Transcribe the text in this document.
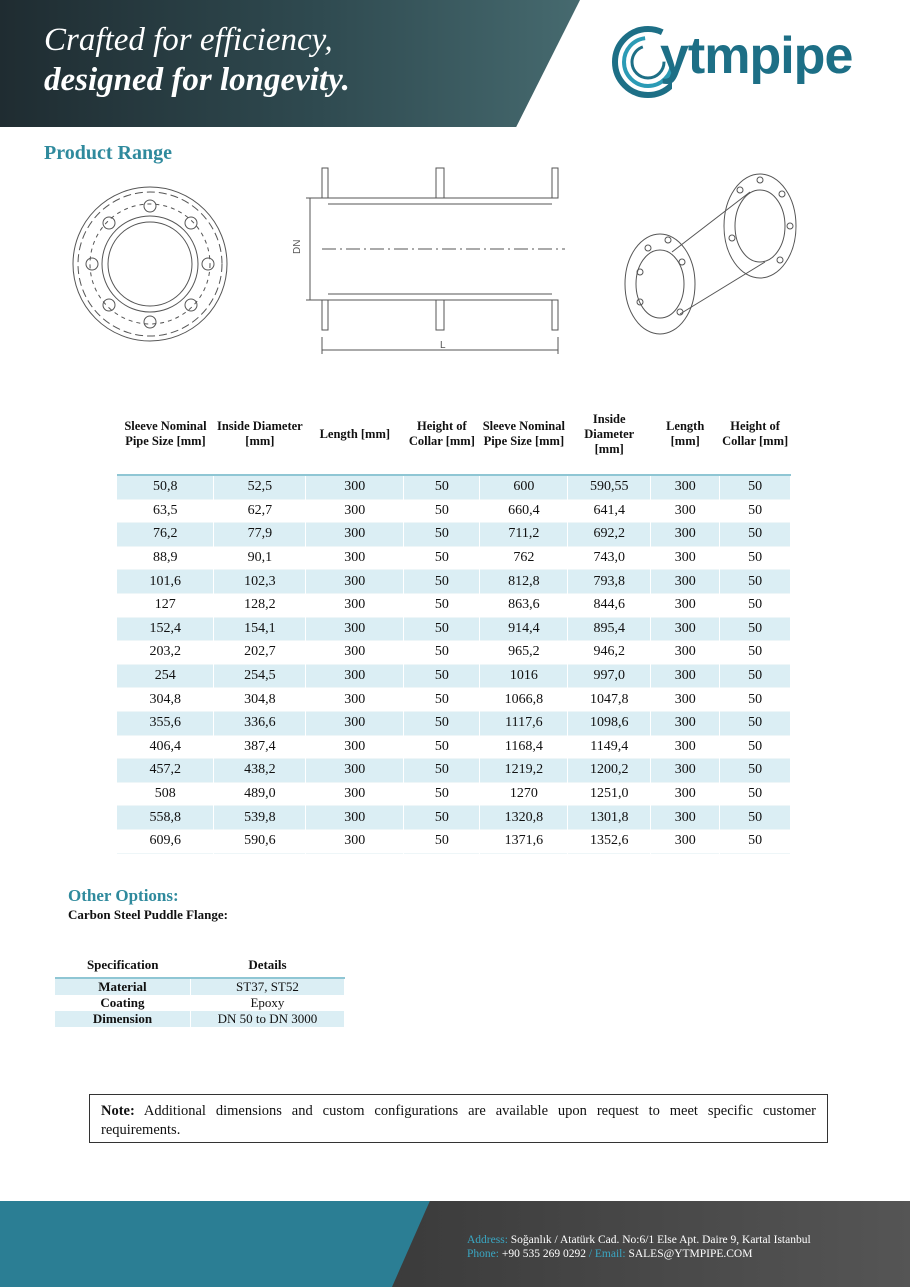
Crafted for efficiency,
designed for longevity.	ytmpipe
Product Range
DN
L
Sleeve Nominal Pipe Size [mm]	Inside Diameter [mm]	Length [mm]	Height of Collar [mm]	Sleeve Nominal Pipe Size [mm]	Inside Diameter [mm]	Length [mm]	Height of Collar [mm]
50,8	52,5	300	50	600	590,55	300	50
63,5	62,7	300	50	660,4	641,4	300	50
76,2	77,9	300	50	711,2	692,2	300	50
88,9	90,1	300	50	762	743,0	300	50
101,6	102,3	300	50	812,8	793,8	300	50
127	128,2	300	50	863,6	844,6	300	50
152,4	154,1	300	50	914,4	895,4	300	50
203,2	202,7	300	50	965,2	946,2	300	50
254	254,5	300	50	1016	997,0	300	50
304,8	304,8	300	50	1066,8	1047,8	300	50
355,6	336,6	300	50	1117,6	1098,6	300	50
406,4	387,4	300	50	1168,4	1149,4	300	50
457,2	438,2	300	50	1219,2	1200,2	300	50
508	489,0	300	50	1270	1251,0	300	50
558,8	539,8	300	50	1320,8	1301,8	300	50
609,6	590,6	300	50	1371,6	1352,6	300	50
Other Options:
Carbon Steel Puddle Flange:
Specification	Details
Material	ST37, ST52
Coating	Epoxy
Dimension	DN 50 to DN 3000
Note: Additional dimensions and custom configurations are available upon request to meet specific customer requirements.
Address: Soğanlık / Atatürk Cad. No:6/1 Else Apt. Daire 9, Kartal Istanbul
Phone: +90 535 269 0292 / Email: SALES@YTMPIPE.COM
